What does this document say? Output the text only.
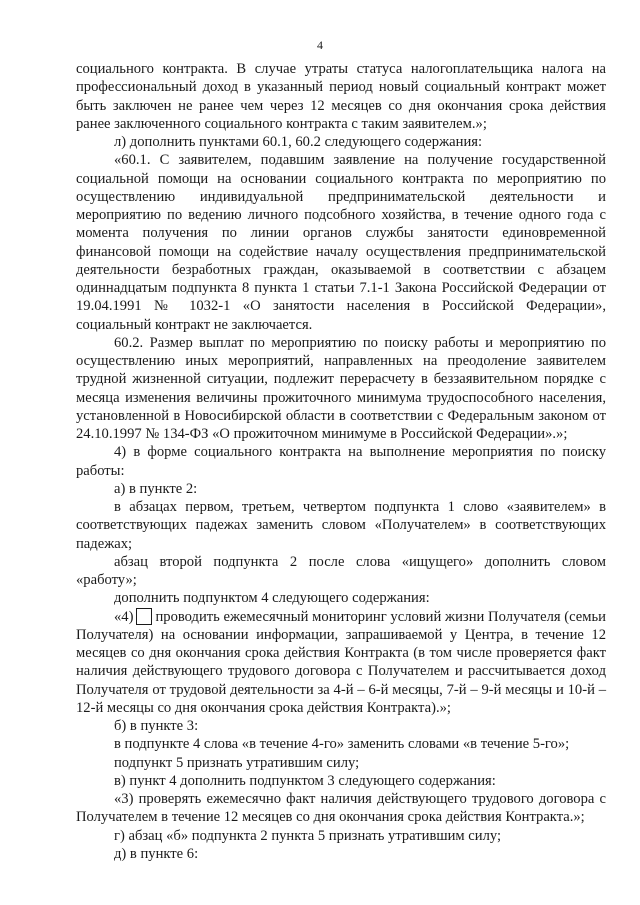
4

социального контракта. В случае утраты статуса налогоплательщика налога на профессиональный доход в указанный период новый социальный контракт может быть заключен не ранее чем через 12 месяцев со дня окончания срока действия ранее заключенного социального контракта с таким заявителем.»;

л) дополнить пунктами 60.1, 60.2 следующего содержания:

«60.1. С заявителем, подавшим заявление на получение государственной социальной помощи на основании социального контракта по мероприятию по осуществлению индивидуальной предпринимательской деятельности и мероприятию по ведению личного подсобного хозяйства, в течение одного года с момента получения по линии органов службы занятости единовременной финансовой помощи на содействие началу осуществления предпринимательской деятельности безработных граждан, оказываемой в соответствии с абзацем одиннадцатым подпункта 8 пункта 1 статьи 7.1-1 Закона Российской Федерации от 19.04.1991 № 1032-1 «О занятости населения в Российской Федерации», социальный контракт не заключается.

60.2. Размер выплат по мероприятию по поиску работы и мероприятию по осуществлению иных мероприятий, направленных на преодоление заявителем трудной жизненной ситуации, подлежит перерасчету в беззаявительном порядке с месяца изменения величины прожиточного минимума трудоспособного населения, установленной в Новосибирской области в соответствии с Федеральным законом от 24.10.1997 № 134-ФЗ «О прожиточном минимуме в Российской Федерации».»;

4) в форме социального контракта на выполнение мероприятия по поиску работы:

а) в пункте 2:

в абзацах первом, третьем, четвертом подпункта 1 слово «заявителем» в соответствующих падежах заменить словом «Получателем» в соответствующих падежах;

абзац второй подпункта 2 после слова «ищущего» дополнить словом «работу»;

дополнить подпунктом 4 следующего содержания:

«4) проводить ежемесячный мониторинг условий жизни Получателя (семьи Получателя) на основании информации, запрашиваемой у Центра, в течение 12 месяцев со дня окончания срока действия Контракта (в том числе проверяется факт наличия действующего трудового договора с Получателем и рассчитывается доход Получателя от трудовой деятельности за 4-й – 6-й месяцы, 7-й – 9-й месяцы и 10-й – 12-й месяцы со дня окончания срока действия Контракта).»;

б) в пункте 3:

в подпункте 4 слова «в течение 4-го» заменить словами «в течение 5-го»;

подпункт 5 признать утратившим силу;

в) пункт 4 дополнить подпунктом 3 следующего содержания:

«3) проверять ежемесячно факт наличия действующего трудового договора с Получателем в течение 12 месяцев со дня окончания срока действия Контракта.»;

г) абзац «б» подпункта 2 пункта 5 признать утратившим силу;

д) в пункте 6:
